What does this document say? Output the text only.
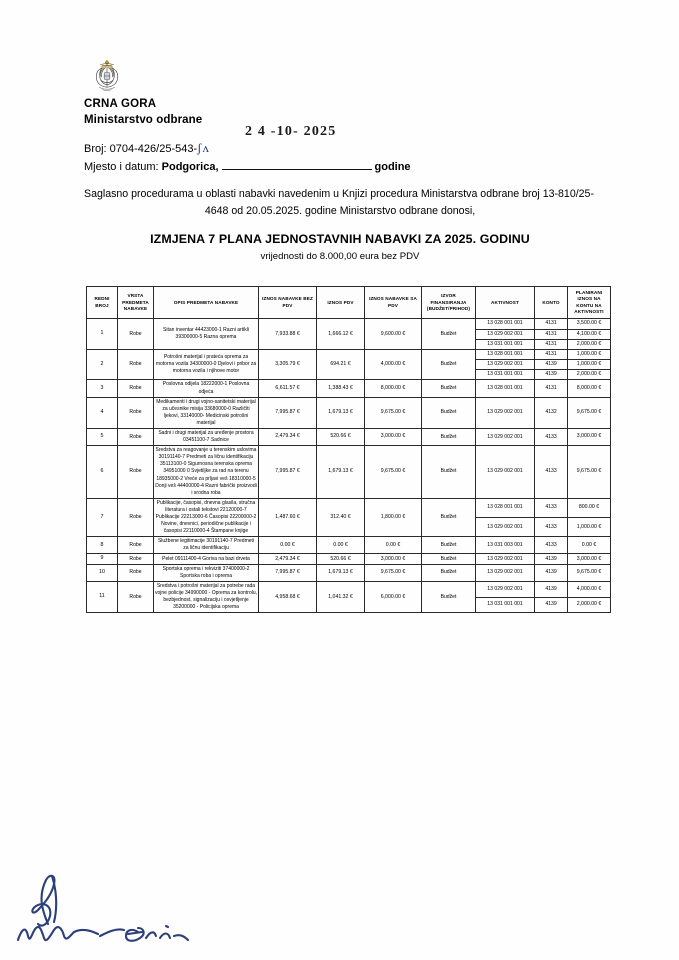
CRNA GORA
Ministarstvo odbrane
Broj: 0704-426/25-543-ʃʌ
Mjesto i datum: Podgorica,	godine
2 4 -10- 2025
Saglasno procedurama u oblasti nabavki navedenim u Knjizi procedura Ministarstva odbrane broj 13-810/25-
4648 od 20.05.2025. godine Ministarstvo odbrane donosi,
IZMJENA 7 PLANA JEDNOSTAVNIH NABAVKI ZA 2025. GODINU
vrijednosti do 8.000,00 eura bez PDV
REDNI BROJ	VRSTA PREDMETA NABAVKE	OPIS PREDMETA NABAVKE	IZNOS NABAVKE BEZ PDV	IZNOS PDV	IZNOS NABAVKE SA PDV	IZVOR FINANSIRANJA (BUDŽET/PRIHOD)	AKTIVNOST	KONTO	PLANIRANI IZNOS NA KONTU NA AKTIVNOSTI
1	Robe	Sitan inventar 44423000-1 Razni artikli 39300000-5 Razna oprema	7,933.88 €	1,666.12 €	9,600.00 €	Budžet	13 028 001 001	4131	3,500.00 €
							13 029 002 001	4131	4,100.00 €
							13 031 001 001	4131	2,000.00 €
2	Robe	Potrošni materijal i prateća oprema za motorna vozila 34300000-0 Djelovi i pribor za motorna vozila i njihove motor	3,305.79 €	694.21 €	4,000.00 €	Budžet	13 028 001 001	4131	1,000.00 €
							13 029 002 001	4139	1,000.00 €
							13 031 001 001	4139	2,000.00 €
3	Robe	Poslovna odijela 18222000-1 Poslovna odjeća	6,611.57 €	1,388.43 €	8,000.00 €	Budžet	13 028 001 001	4131	8,000.00 €
4	Robe	Medikamenti i drugi vojno-sanitetski materijal za učesnike misija 33680000-0 Različiti ljekovi, 33140000- Medicinski potrošni materijal	7,995.87 €	1,679.13 €	9,675.00 €	Budžet	13 029 002 001	4132	9,675.00 €
5	Robe	Sadni i drugi materijal za uređenje prostora 03451100-7 Sadnice	2,479.34 €	520.66 €	3,000.00 €	Budžet	13 029 002 001	4133	3,000.00 €
6	Robe	Sredstva za reagovanje u terenskim uslovima 30191140-7 Predmeti za ličnu identifikaciju 35113100-0 Sigurnosna terenska oprema 34951000 0 Svjetiljke za rad na terenu 18935000-2 Vreće za prljavi veš 18310000-5 Donji veš 44400000-4 Razni fabrički proizvodi i srodna roba	7,995.87 €	1,679.13 €	9,675.00 €	Budžet	13 029 002 001	4133	9,675.00 €
7	Robe	Publikacije, časopisi, dnevna glasila, stručna literatura i ostali tekstovi 22120000-7 Publikacije 22213000-6 Časopisi 22200000-2 Novine, dnevnici, periodične publikacije i časopisi 22110000-4 Štampane knjige	1,487.60 €	312.40 €	1,800.00 €	Budžet	13 028 001 001	4133	800.00 €
							13 029 002 001	4133	1,000.00 €
8	Robe	Službene legitimacije 30191140-7 Predmeti za ličnu identifikaciju	0.00 €	0.00 €	0.00 €	Budžet	13 031 003 001	4133	0.00 €
9	Robe	Pelet 09111400-4 Goriva na bazi drveta	2,479.34 €	520.66 €	3,000.00 €	Budžet	13 029 002 001	4139	3,000.00 €
10	Robe	Sportska oprema i rekviziti 37400000-2 Sportska roba i oprema	7,995.87 €	1,679.13 €	9,675.00 €	Budžet	13 029 002 001	4139	9,675.00 €
11	Robe	Sredstva i potrošni materijal za potrebe rada vojne policije 34990000 - Oprema za kontrolu, bezbjednost, signalizaciju i osvjetljenje 35200000 - Policijska oprema	4,958.68 €	1,041.32 €	6,000.00 €	Budžet	13 029 002 001	4139	4,000.00 €
							13 031 001 001	4139	2,000.00 €
